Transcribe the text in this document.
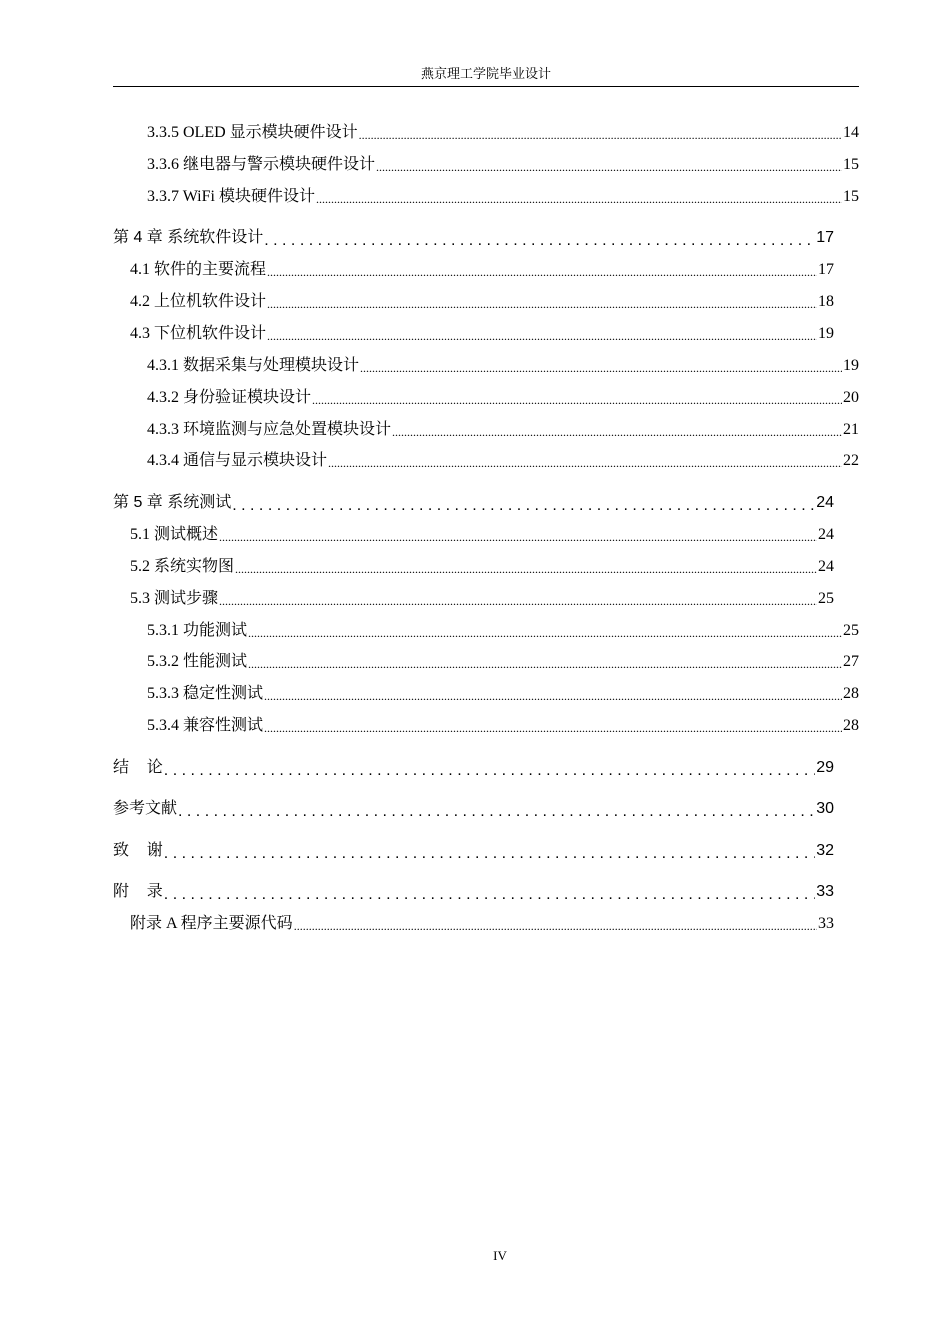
燕京理工学院毕业设计
3.3.5 OLED 显示模块硬件设计 .....	14
3.3.6 继电器与警示模块硬件设计 .....	15
3.3.7 WiFi 模块硬件设计 .....	15
第 4 章 系统软件设计 . . .	17
4.1 软件的主要流程 .....	17
4.2 上位机软件设计 .....	18
4.3 下位机软件设计 .....	19
4.3.1 数据采集与处理模块设计 .....	19
4.3.2 身份验证模块设计 .....	20
4.3.3 环境监测与应急处置模块设计 .....	21
4.3.4 通信与显示模块设计 .....	22
第 5 章 系统测试 . . .	24
5.1 测试概述 .....	24
5.2 系统实物图 .....	24
5.3 测试步骤 .....	25
5.3.1 功能测试 .....	25
5.3.2 性能测试 .....	27
5.3.3 稳定性测试 .....	28
5.3.4 兼容性测试 .....	28
结    论 . . .	29
参考文献 . . .	30
致    谢 . . .	32
附    录 . . .	33
附录 A 程序主要源代码 .....	33
IV
